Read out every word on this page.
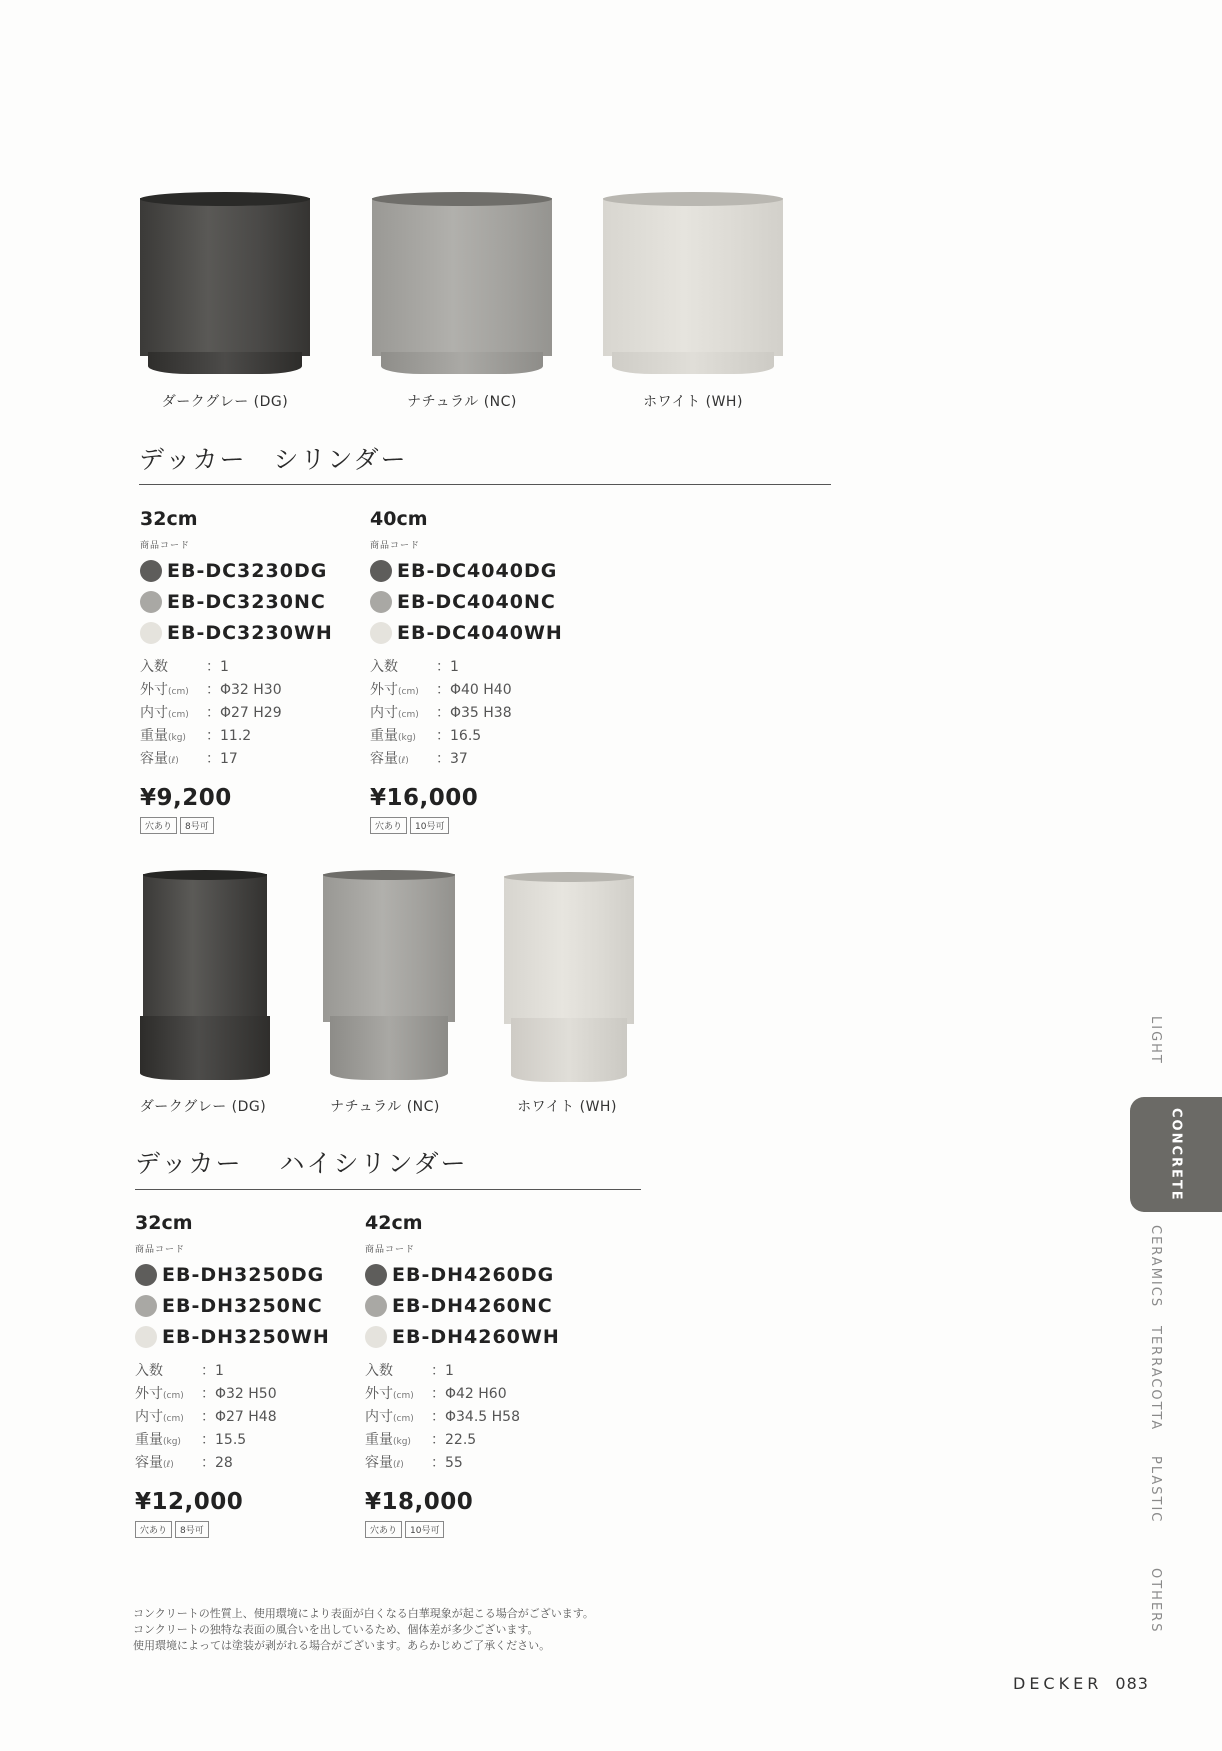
ダークグレー (DG)	ナチュラル (NC)	ホワイト (WH)
デッカー　シリンダー
32cm
商品コード
EB-DC3230DG
EB-DC3230NC
EB-DC3230WH
入数	：1
外寸(cm)	：Φ32 H30
内寸(cm)	：Φ27 H29
重量(kg)	：11.2
容量(ℓ)	：17
¥9,200
穴あり	8号可
40cm
商品コード
EB-DC4040DG
EB-DC4040NC
EB-DC4040WH
入数	：1
外寸(cm)	：Φ40 H40
内寸(cm)	：Φ35 H38
重量(kg)	：16.5
容量(ℓ)	：37
¥16,000
穴あり	10号可
ダークグレー (DG)	ナチュラル (NC)	ホワイト (WH)
デッカー　 ハイシリンダー
32cm
商品コード
EB-DH3250DG
EB-DH3250NC
EB-DH3250WH
入数	：1
外寸(cm)	：Φ32 H50
内寸(cm)	：Φ27 H48
重量(kg)	：15.5
容量(ℓ)	：28
¥12,000
穴あり	8号可
42cm
商品コード
EB-DH4260DG
EB-DH4260NC
EB-DH4260WH
入数	：1
外寸(cm)	：Φ42 H60
内寸(cm)	：Φ34.5 H58
重量(kg)	：22.5
容量(ℓ)	：55
¥18,000
穴あり	10号可
LIGHT
CONCRETE
CERAMICS
TERRACOTTA
PLASTIC
OTHERS
コンクリートの性質上、使用環境により表面が白くなる白華現象が起こる場合がございます。
コンクリートの独特な表面の風合いを出しているため、個体差が多少ございます。
使用環境によっては塗装が剥がれる場合がございます。あらかじめご了承ください。
DECKER 083
